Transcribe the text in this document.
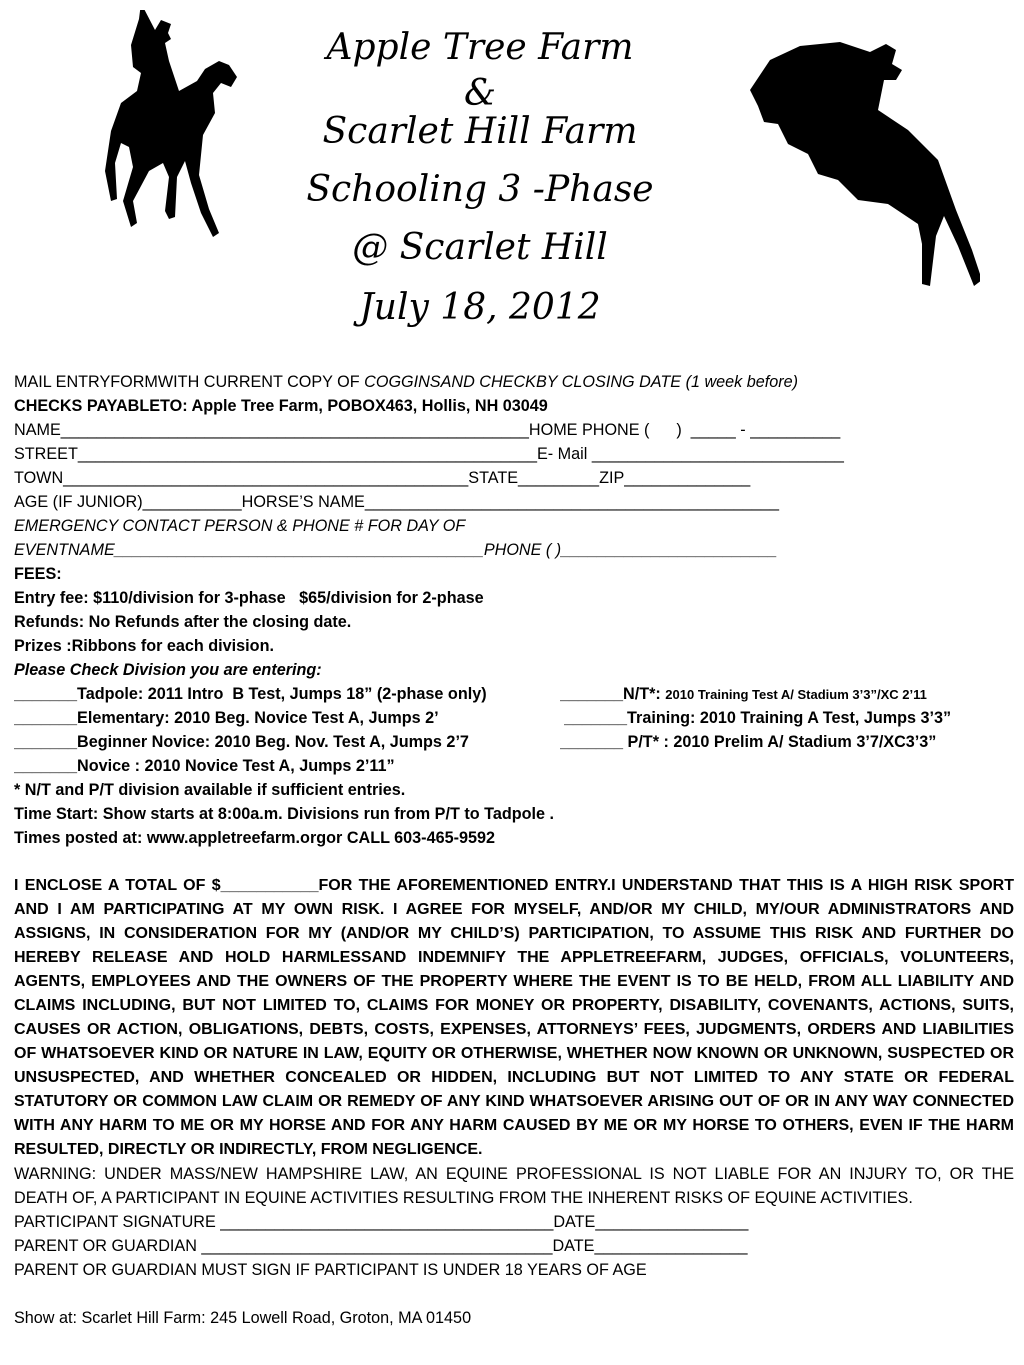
Apple Tree Farm
&
Scarlet Hill Farm
Schooling 3 -Phase
@ Scarlet Hill
July 18, 2012
MAIL ENTRYFORMWITH CURRENT COPY OF COGGINSAND CHECKBY CLOSING DATE (1 week before)
CHECKS PAYABLETO: Apple Tree Farm, POBOX463, Hollis, NH 03049
NAME____________________________________________________HOME PHONE (      )  _____ - __________
STREET___________________________________________________E- Mail ____________________________
TOWN_____________________________________________STATE_________ZIP______________
AGE (IF JUNIOR)___________HORSE’S NAME______________________________________________
EMERGENCY CONTACT PERSON & PHONE # FOR DAY OF
EVENTNAME_________________________________________PHONE ( )________________________
FEES:
Entry fee: $110/division for 3-phase   $65/division for 2-phase
Refunds: No Refunds after the closing date.
Prizes :Ribbons for each division.
Please Check Division you are entering:
_______Tadpole: 2011 Intro  B Test, Jumps 18” (2-phase only)
_______Elementary: 2010 Beg. Novice Test A, Jumps 2’
_______Beginner Novice: 2010 Beg. Nov. Test A, Jumps 2’7
_______Novice : 2010 Novice Test A, Jumps 2’11”
_______N/T*: 2010 Training Test A/ Stadium 3’3”/XC 2’11
_______Training: 2010 Training A Test, Jumps 3’3”
_______ P/T* : 2010 Prelim A/ Stadium 3’7/XC3’3”
* N/T and P/T division available if sufficient entries.
Time Start: Show starts at 8:00a.m. Divisions run from P/T to Tadpole .
Times posted at: www.appletreefarm.orgor CALL 603-465-9592

I ENCLOSE A TOTAL OF $___________FOR THE AFOREMENTIONED ENTRY.I UNDERSTAND THAT THIS IS A HIGH RISK SPORT AND I AM PARTICIPATING AT MY OWN RISK. I AGREE FOR MYSELF, AND/OR MY CHILD, MY/OUR ADMINISTRATORS AND ASSIGNS, IN CONSIDERATION FOR MY (AND/OR MY CHILD’S) PARTICIPATION, TO ASSUME THIS RISK AND FURTHER DO HEREBY RELEASE AND HOLD HARMLESSAND INDEMNIFY THE APPLETREEFARM, JUDGES, OFFICIALS, VOLUNTEERS, AGENTS, EMPLOYEES AND THE OWNERS OF THE PROPERTY WHERE THE EVENT IS TO BE HELD, FROM ALL LIABILITY AND CLAIMS INCLUDING, BUT NOT LIMITED TO, CLAIMS FOR MONEY OR PROPERTY, DISABILITY, COVENANTS, ACTIONS, SUITS, CAUSES OR ACTION, OBLIGATIONS, DEBTS, COSTS, EXPENSES, ATTORNEYS’ FEES, JUDGMENTS, ORDERS AND LIABILITIES OF WHATSOEVER KIND OR NATURE IN LAW, EQUITY OR OTHERWISE, WHETHER NOW KNOWN OR UNKNOWN, SUSPECTED OR UNSUSPECTED, AND WHETHER CONCEALED OR HIDDEN, INCLUDING BUT NOT LIMITED TO ANY STATE OR FEDERAL STATUTORY OR COMMON LAW CLAIM OR REMEDY OF ANY KIND WHATSOEVER ARISING OUT OF OR IN ANY WAY CONNECTED WITH ANY HARM TO ME OR MY HORSE AND FOR ANY HARM CAUSED BY ME OR MY HORSE TO OTHERS, EVEN IF THE HARM RESULTED, DIRECTLY OR INDIRECTLY, FROM NEGLIGENCE.

WARNING: UNDER MASS/NEW HAMPSHIRE LAW, AN EQUINE PROFESSIONAL IS NOT LIABLE FOR AN INJURY TO, OR THE DEATH OF, A PARTICIPANT IN EQUINE ACTIVITIES RESULTING FROM THE INHERENT RISKS OF EQUINE ACTIVITIES.

PARTICIPANT SIGNATURE _____________________________________DATE_________________
PARENT OR GUARDIAN _______________________________________DATE_________________
PARENT OR GUARDIAN MUST SIGN IF PARTICIPANT IS UNDER 18 YEARS OF AGE
Show at: Scarlet Hill Farm: 245 Lowell Road, Groton, MA 01450
